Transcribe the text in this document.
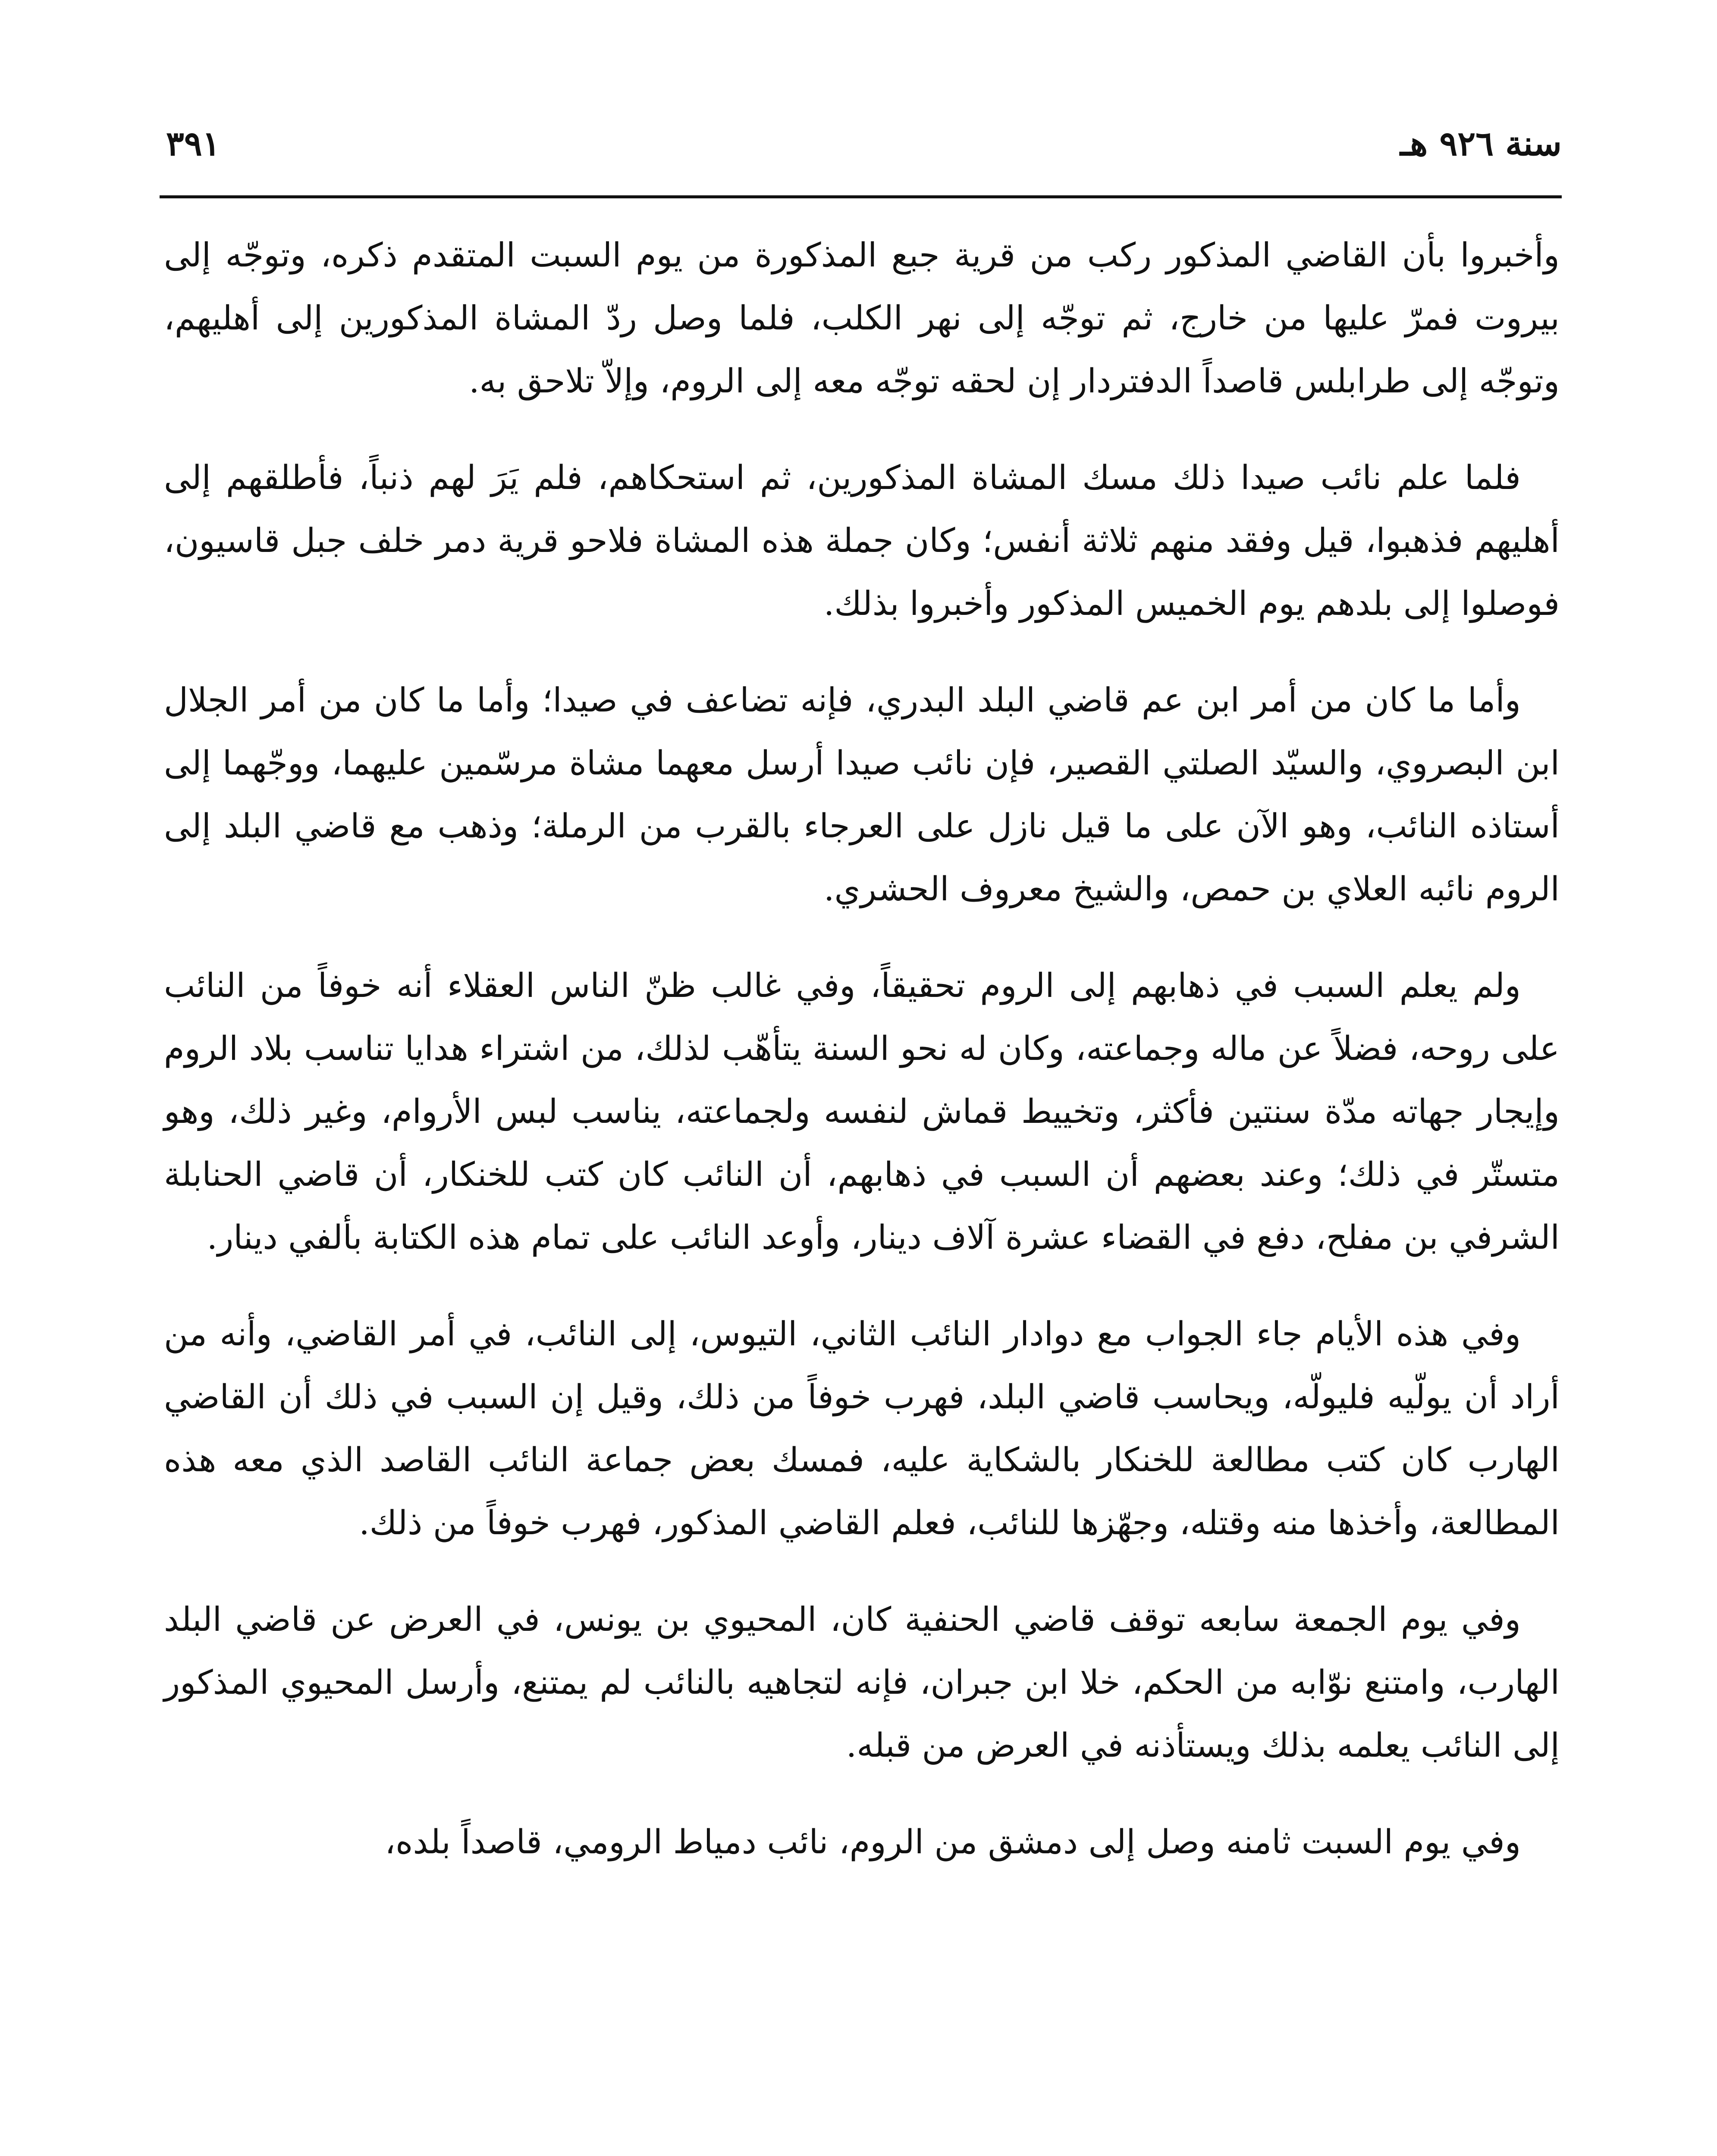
سنة ٩٢٦ هـ
٣٩١

وأخبروا بأن القاضي المذكور ركب من قرية جبع المذكورة من يوم السبت المتقدم ذكره، وتوجّه إلى بيروت فمرّ عليها من خارج، ثم توجّه إلى نهر الكلب، فلما وصل ردّ المشاة المذكورين إلى أهليهم، وتوجّه إلى طرابلس قاصداً الدفتردار إن لحقه توجّه معه إلى الروم، وإلاّ تلاحق به.

فلما علم نائب صيدا ذلك مسك المشاة المذكورين، ثم استحكاهم، فلم يَرَ لهم ذنباً، فأطلقهم إلى أهليهم فذهبوا، قيل وفقد منهم ثلاثة أنفس؛ وكان جملة هذه المشاة فلاحو قرية دمر خلف جبل قاسيون، فوصلوا إلى بلدهم يوم الخميس المذكور وأخبروا بذلك.

وأما ما كان من أمر ابن عم قاضي البلد البدري، فإنه تضاعف في صيدا؛ وأما ما كان من أمر الجلال ابن البصروي، والسيّد الصلتي القصير، فإن نائب صيدا أرسل معهما مشاة مرسّمين عليهما، ووجّهما إلى أستاذه النائب، وهو الآن على ما قيل نازل على العرجاء بالقرب من الرملة؛ وذهب مع قاضي البلد إلى الروم نائبه العلاي بن حمص، والشيخ معروف الحشري.

ولم يعلم السبب في ذهابهم إلى الروم تحقيقاً، وفي غالب ظنّ الناس العقلاء أنه خوفاً من النائب على روحه، فضلاً عن ماله وجماعته، وكان له نحو السنة يتأهّب لذلك، من اشتراء هدايا تناسب بلاد الروم وإيجار جهاته مدّة سنتين فأكثر، وتخييط قماش لنفسه ولجماعته، يناسب لبس الأروام، وغير ذلك، وهو متستّر في ذلك؛ وعند بعضهم أن السبب في ذهابهم، أن النائب كان كتب للخنكار، أن قاضي الحنابلة الشرفي بن مفلح، دفع في القضاء عشرة آلاف دينار، وأوعد النائب على تمام هذه الكتابة بألفي دينار.

وفي هذه الأيام جاء الجواب مع دوادار النائب الثاني، التيوس، إلى النائب، في أمر القاضي، وأنه من أراد أن يولّيه فليولّه، ويحاسب قاضي البلد، فهرب خوفاً من ذلك، وقيل إن السبب في ذلك أن القاضي الهارب كان كتب مطالعة للخنكار بالشكاية عليه، فمسك بعض جماعة النائب القاصد الذي معه هذه المطالعة، وأخذها منه وقتله، وجهّزها للنائب، فعلم القاضي المذكور، فهرب خوفاً من ذلك.

وفي يوم الجمعة سابعه توقف قاضي الحنفية كان، المحيوي بن يونس، في العرض عن قاضي البلد الهارب، وامتنع نوّابه من الحكم، خلا ابن جبران، فإنه لتجاهيه بالنائب لم يمتنع، وأرسل المحيوي المذكور إلى النائب يعلمه بذلك ويستأذنه في العرض من قبله.

وفي يوم السبت ثامنه وصل إلى دمشق من الروم، نائب دمياط الرومي، قاصداً بلده،
